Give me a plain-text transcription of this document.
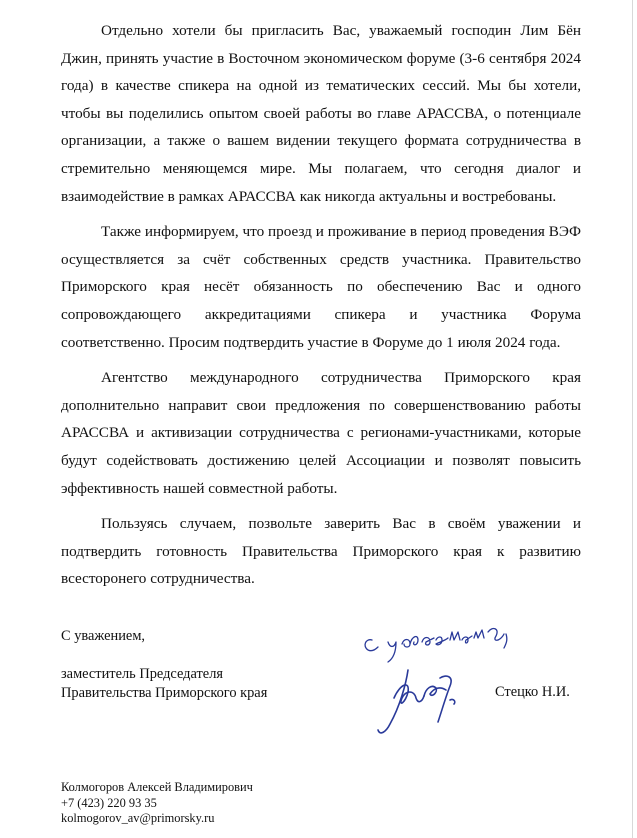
Отдельно хотели бы пригласить Вас, уважаемый господин Лим Бён Джин, принять участие в Восточном экономическом форуме (3-6 сентября 2024 года) в качестве спикера на одной из тематических сессий. Мы бы хотели, чтобы вы поделились опытом своей работы во главе АРАССВА, о потенциале организации, а также о вашем видении текущего формата сотрудничества в стремительно меняющемся мире. Мы полагаем, что сегодня диалог и взаимодействие в рамках АРАССВА как никогда актуальны и востребованы.

Также информируем, что проезд и проживание в период проведения ВЭФ осуществляется за счёт собственных средств участника. Правительство Приморского края несёт обязанность по обеспечению Вас и одного сопровождающего аккредитациями спикера и участника Форума соответственно. Просим подтвердить участие в Форуме до 1 июля 2024 года.

Агентство международного сотрудничества Приморского края дополнительно направит свои предложения по совершенствованию работы АРАССВА и активизации сотрудничества с регионами-участниками, которые будут содействовать достижению целей Ассоциации и позволят повысить эффективность нашей совместной работы.

Пользуясь случаем, позвольте заверить Вас в своём уважении и подтвердить готовность Правительства Приморского края к развитию всесторонего сотрудничества.

С уважением,
заместитель Председателя
Правительства Приморского края	Стецко Н.И.
Колмогоров Алексей Владимирович
+7 (423) 220 93 35
kolmogorov_av@primorsky.ru
